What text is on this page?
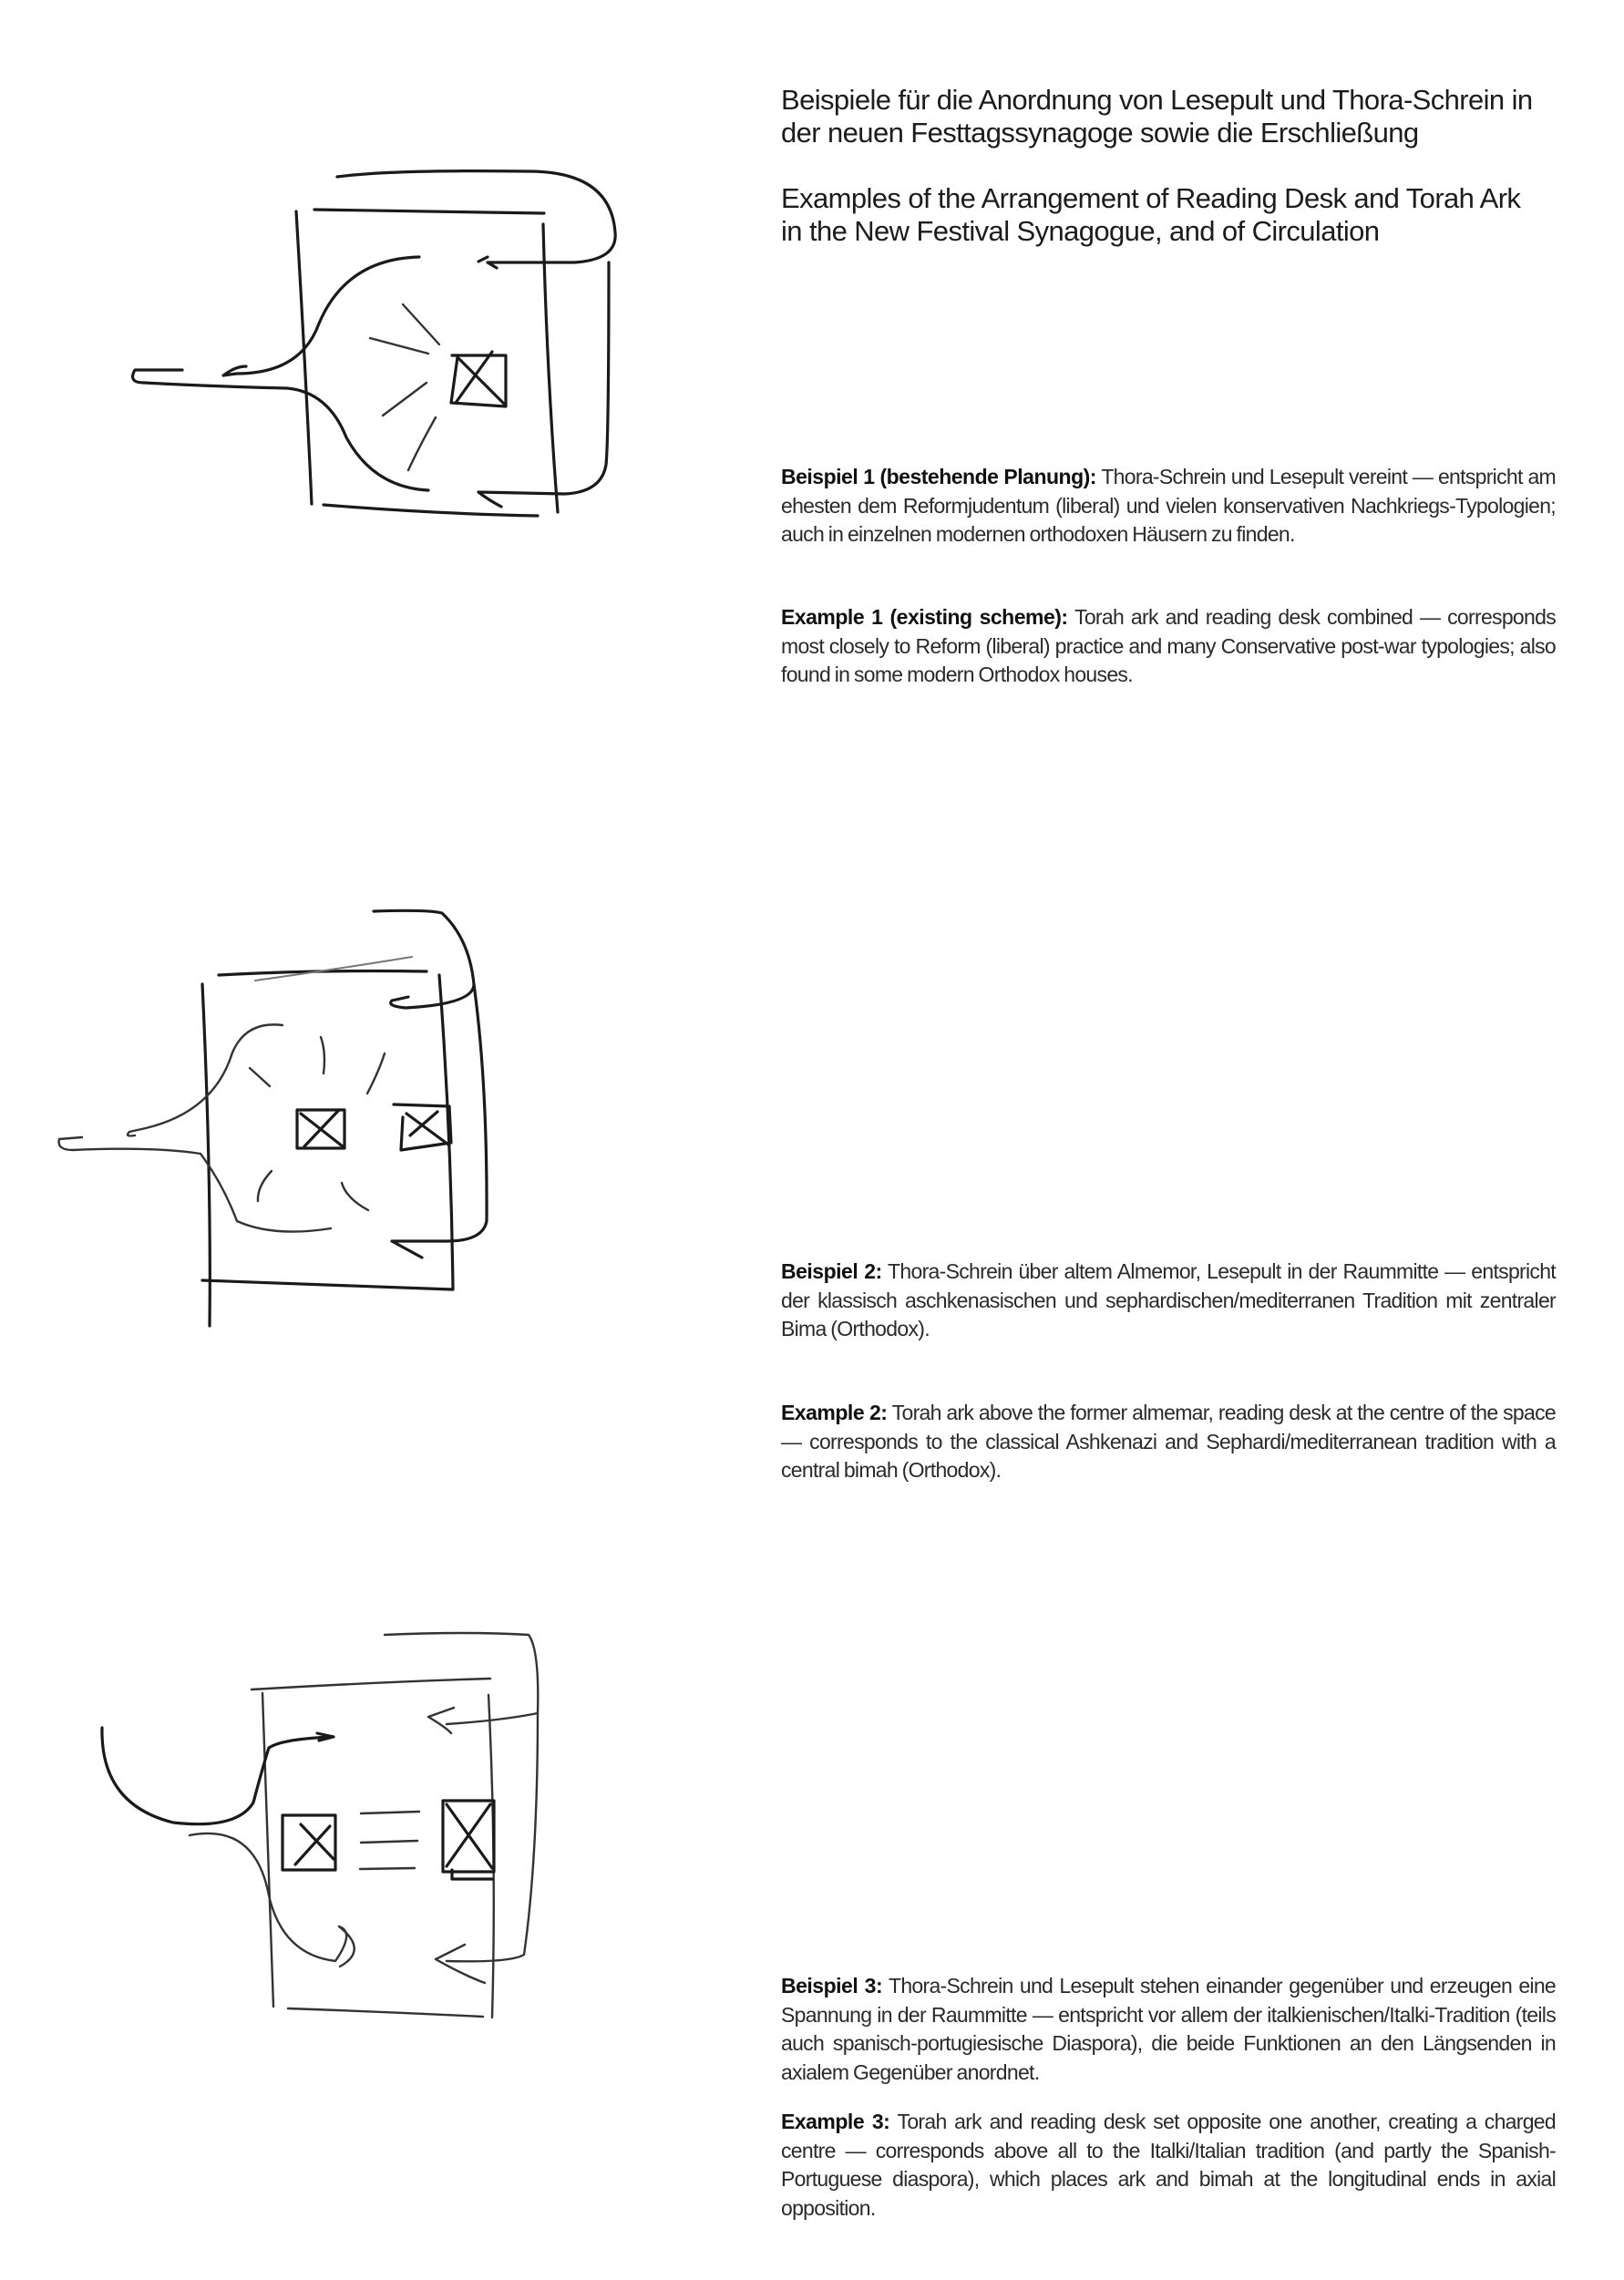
Beispiele für die Anordnung von Lesepult und Thora-Schrein in

der neuen Festtagssynagoge sowie die Erschließung

Examples of the Arrangement of Reading Desk and Torah Ark

in the New Festival Synagogue, and of Circulation

Beispiel 1 (bestehende Planung): Thora-Schrein und Lesepult vereint — entspricht am ehesten dem Reformjudentum (liberal) und vielen konservativen Nachkriegs-Typologien; auch in einzelnen modernen orthodoxen Häusern zu finden.

Example 1 (existing scheme): Torah ark and reading desk combined — corresponds most closely to Reform (liberal) practice and many Conservative post-war typologies; also found in some modern Orthodox houses.

Beispiel 2: Thora-Schrein über altem Almemor, Lesepult in der Raummitte — entspricht der klassisch aschkenasischen und sephardischen/mediterranen Tradition mit zentraler Bima (Orthodox).

Example 2: Torah ark above the former almemar, reading desk at the centre of the space — corresponds to the classical Ashkenazi and Sephardi/mediterranean tradition with a central bimah (Orthodox).

Beispiel 3: Thora-Schrein und Lesepult stehen einander gegenüber und erzeugen eine Spannung in der Raummitte — entspricht vor allem der italkienischen/Italki-Tradition (teils auch spanisch-portugiesische Diaspora), die beide Funktionen an den Längsenden in axialem Gegenüber anordnet.

Example 3: Torah ark and reading desk set opposite one another, creating a charged centre — corresponds above all to the Italki/Italian tradition (and partly the Spanish-Portuguese diaspora), which places ark and bimah at the longitudinal ends in axial opposition.
